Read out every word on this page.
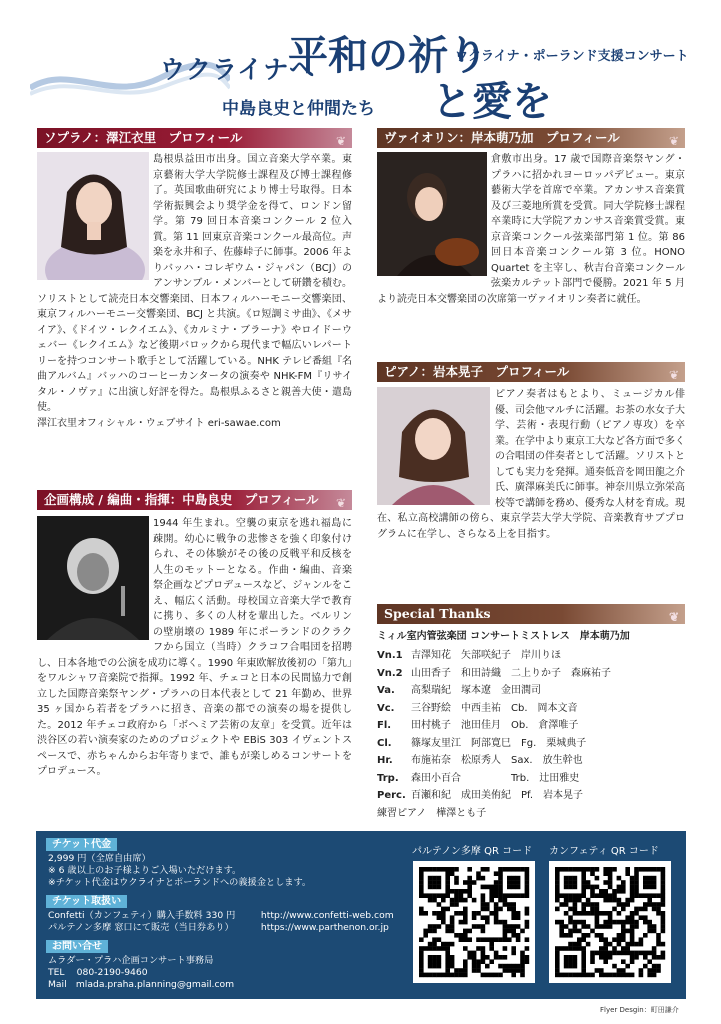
ウクライナへ
平和の祈り
と愛を
ウクライナ・ポーランド支援コンサート
中島良史と仲間たち
ソプラノ：澤江衣里　プロフィール	❦
島根県益田市出身。国立音楽大学卒業。東京藝術大学大学院修士課程及び博士課程修了。英国歌曲研究により博士号取得。日本学術振興会より奨学金を得て、ロンドン留学。第 79 回日本音楽コンクール 2 位入賞。第 11 回東京音楽コンクール最高位。声楽を永井和子、佐藤峠子に師事。2006 年よりバッハ・コレギウム・ジャパン（BCJ）のアンサンブル・メンバーとして研鑽を積む。ソリストとして読売日本交響楽団、日本フィルハーモニー交響楽団、東京フィルハーモニー交響楽団、BCJ と共演。《ロ短調ミサ曲》、《メサイア》、《ドイツ・レクイエム》、《カルミナ・ブラーナ》やロイドーウェバー《レクイエム》など後期バロックから現代まで幅広いレパートリーを持つコンサート歌手として活躍している。NHK テレビ番組『名曲アルバム』バッハのコーヒーカンタータの演奏や NHK-FM『リサイタル・ノヴァ』に出演し好評を得た。島根県ふるさと親善大使・遣島使。
澤江衣里オフィシャル・ウェブサイト eri-sawae.com
企画構成 / 編曲・指揮：中島良史　プロフィール ❦
1944 年生まれ。空襲の東京を逃れ福島に疎開。幼心に戦争の悲惨さを強く印象付けられ、その体験がその後の反戦平和反核を人生のモットーとなる。作曲・編曲、音楽祭企画などプロデュースなど、ジャンルをこえ、幅広く活動。母校国立音楽大学で教育に携り、多くの人材を輩出した。ベルリンの壁崩壊の 1989 年にポーランドのクラクフから国立（当時）クラコフ合唱団を招聘し、日本各地での公演を成功に導く。1990 年東欧解放後初の「第九」をワルシャワ音楽院で指揮。1992 年、チェコと日本の民間協力で創立した国際音楽祭ヤング・プラハの日本代表として 21 年勤め、世界 35 ヶ国から若者をプラハに招き、音楽の都での演奏の場を提供した。2012 年チェコ政府から「ボヘミア芸術の友章」を受賞。近年は渋谷区の若い演奏家のためのプロジェクトや EBiS 303 イヴェントスペースで、赤ちゃんからお年寄りまで、誰もが楽しめるコンサートをプロデュース。
ヴァイオリン：岸本萌乃加　プロフィール	❦
倉敷市出身。17 歳で国際音楽祭ヤング・プラハに招かれヨーロッパデビュー。東京藝術大学を首席で卒業。アカンサス音楽賞及び三菱地所賞を受賞。同大学院修士課程卒業時に大学院アカンサス音楽賞受賞。東京音楽コンクール弦楽部門第 1 位。第 86 回日本音楽コンクール第 3 位。HONO Quartet を主宰し、秋吉台音楽コンクール弦楽カルテット部門で優勝。2021 年 5 月より読売日本交響楽団の次席第一ヴァイオリン奏者に就任。
ピアノ：岩本晃子　プロフィール	❦
ピアノ奏者はもとより、ミュージカル俳優、司会他マルチに活躍。お茶の水女子大学、芸術・表現行動（ピアノ専攻）を卒業。在学中より東京工大など各方面で多くの合唱団の伴奏者として活躍。ソリストとしても実力を発揮。通奏低音を岡田龍之介氏、廣澤麻美氏に師事。神奈川県立弥栄高校等で講師を務め、優秀な人材を育成。現在、私立高校講師の傍ら、東京学芸大学大学院、音楽教育サブプログラムに在学し、さらなる上を目指す。
Special Thanks	❦
ミィル室内管弦楽団 コンサートミストレス　岸本萌乃加
Vn.1 吉澤知花　矢部咲紀子　岸川りほ
Vn.2 山田香子　和田詩織　二上りか子　森麻祐子
Va. 高梨瑞紀　塚本遼　金田潤司
Vc. 三谷野絵　中西圭祐　Cb.　岡本文音
Fl. 田村桃子　池田佳月　Ob.　倉澤唯子
Cl. 篠塚友里江　阿部寛巳　Fg.　栗城典子
Hr. 布施祐奈　松原秀人　Sax.　放生幹也
Trp. 森田小百合　　　　　Trb.　辻田雅史
Perc. 百瀬和紀　成田美侑紀　Pf.　岩本晃子
練習ピアノ　樺澤とも子
チケット代金
2,999 円（全席自由席）
※ 6 歳以上のお子様よりご入場いただけます。
※チケット代金はウクライナとポーランドへの義援金とします。
チケット取扱い
Confetti（カンフェティ）購入手数料 330 円	http://www.confetti-web.com
パルテノン多摩 窓口にて販売（当日券あり）	https://www.parthenon.or.jp
お問い合せ
ムラダー・プラハ企画コンサート事務局
TEL　 080-2190-9460
Mail　mlada.praha.planning@gmail.com
パルテノン多摩 QR コード カンフェティ QR コード
Flyer Desgin：町田謙介
